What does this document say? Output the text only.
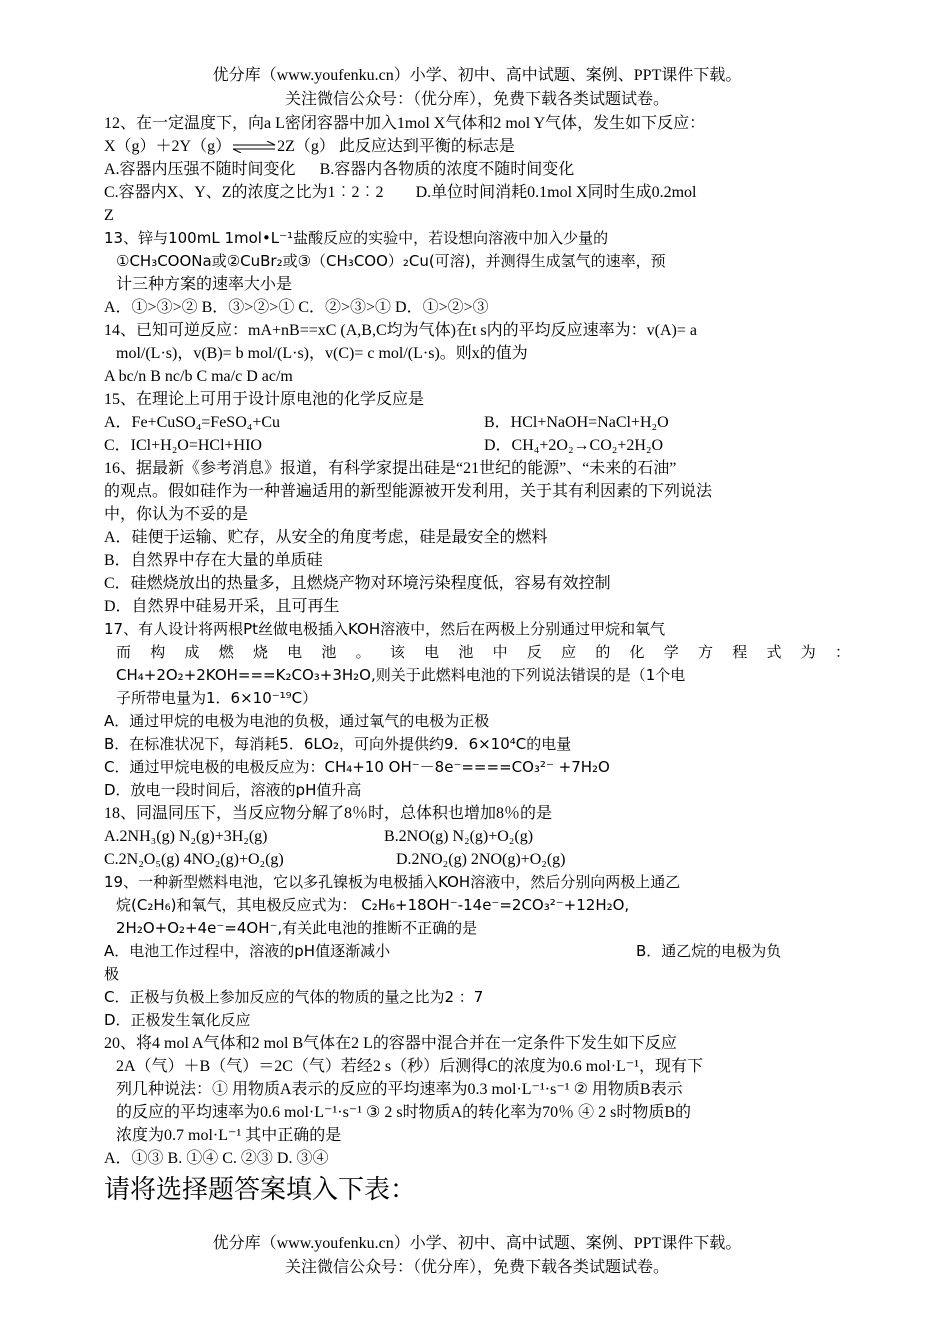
优分库（www.youfenku.cn）小学、初中、高中试题、案例、PPT课件下载。
关注微信公众号：（优分库），免费下载各类试题试卷。
12、在一定温度下，向a L密闭容器中加入1mol X气体和2 mol Y气体，发生如下反应：
X（g）＋2Y（g）⇌2Z（g） 此反应达到平衡的标志是
A.容器内压强不随时间变化 B.容器内各物质的浓度不随时间变化
C.容器内X、Y、Z的浓度之比为1︰2︰2 D.单位时间消耗0.1mol X同时生成0.2mol
Z
13、锌与100mL 1mol•L⁻¹盐酸反应的实验中，若设想向溶液中加入少量的
①CH₃COONa或②CuBr₂或③（CH₃COO）₂Cu(可溶)，并测得生成氢气的速率，预
计三种方案的速率大小是
A．①>③>② B．③>②>① C．②>③>① D．①>②>③
14、已知可逆反应：mA+nB==xC (A,B,C均为气体)在t s内的平均反应速率为：v(A)= a
mol/(L·s)，v(B)= b mol/(L·s)，v(C)= c mol/(L·s)。则x的值为
A bc/n B nc/b C ma/c D ac/m
15、在理论上可用于设计原电池的化学反应是
A．Fe+CuSO₄=FeSO₄+Cu	B．HCl+NaOH=NaCl+H₂O
C．ICl+H₂O=HCl+HIO	D．CH₄+2O₂→CO₂+2H₂O
16、据最新《参考消息》报道，有科学家提出硅是“21世纪的能源”、“未来的石油”
的观点。假如硅作为一种普遍适用的新型能源被开发利用，关于其有利因素的下列说法
中，你认为不妥的是
A．硅便于运输、贮存，从安全的角度考虑，硅是最安全的燃料
B．自然界中存在大量的单质硅
C．硅燃烧放出的热量多，且燃烧产物对环境污染程度低，容易有效控制
D．自然界中硅易开采，且可再生
17、有人设计将两根Pt丝做电极插入KOH溶液中，然后在两极上分别通过甲烷和氧气
而构成燃烧电池。该电池中反应的化学方程式为：
CH₄+2O₂+2KOH===K₂CO₃+3H₂O,则关于此燃料电池的下列说法错误的是（1个电
子所带电量为1．6×10⁻¹⁹C）
A．通过甲烷的电极为电池的负极，通过氧气的电极为正极
B．在标准状况下，每消耗5．6LO₂，可向外提供约9．6×10⁴C的电量
C．通过甲烷电极的电极反应为：CH₄+10 OH⁻－8e⁻====CO₃²⁻ +7H₂O
D．放电一段时间后，溶液的pH值升高
18、同温同压下，当反应物分解了8％时，总体积也增加8％的是
A.2NH₃(g) N₂(g)+3H₂(g)	B.2NO(g) N₂(g)+O₂(g)
C.2N₂O₅(g) 4NO₂(g)+O₂(g)	D.2NO₂(g) 2NO(g)+O₂(g)
19、一种新型燃料电池，它以多孔镍板为电极插入KOH溶液中，然后分别向两极上通乙
烷(C₂H₆)和氧气，其电极反应式为： C₂H₆+18OH⁻-14e⁻=2CO₃²⁻+12H₂O,
2H₂O+O₂+4e⁻=4OH⁻,有关此电池的推断不正确的是
A．电池工作过程中，溶液的pH值逐渐减小	B．通乙烷的电极为负
极
C．正极与负极上参加反应的气体的物质的量之比为2 ：7
D．正极发生氧化反应
20、将4 mol A气体和2 mol B气体在2 L的容器中混合并在一定条件下发生如下反应
2A（气）＋B（气）＝2C（气）若经2 s（秒）后测得C的浓度为0.6 mol·L⁻¹，现有下
列几种说法：① 用物质A表示的反应的平均速率为0.3 mol·L⁻¹·s⁻¹ ② 用物质B表示
的反应的平均速率为0.6 mol·L⁻¹·s⁻¹ ③ 2 s时物质A的转化率为70％ ④ 2 s时物质B的
浓度为0.7 mol·L⁻¹ 其中正确的是
A．①③ B. ①④ C. ②③ D. ③④
请将选择题答案填入下表：
优分库（www.youfenku.cn）小学、初中、高中试题、案例、PPT课件下载。
关注微信公众号：（优分库），免费下载各类试题试卷。
